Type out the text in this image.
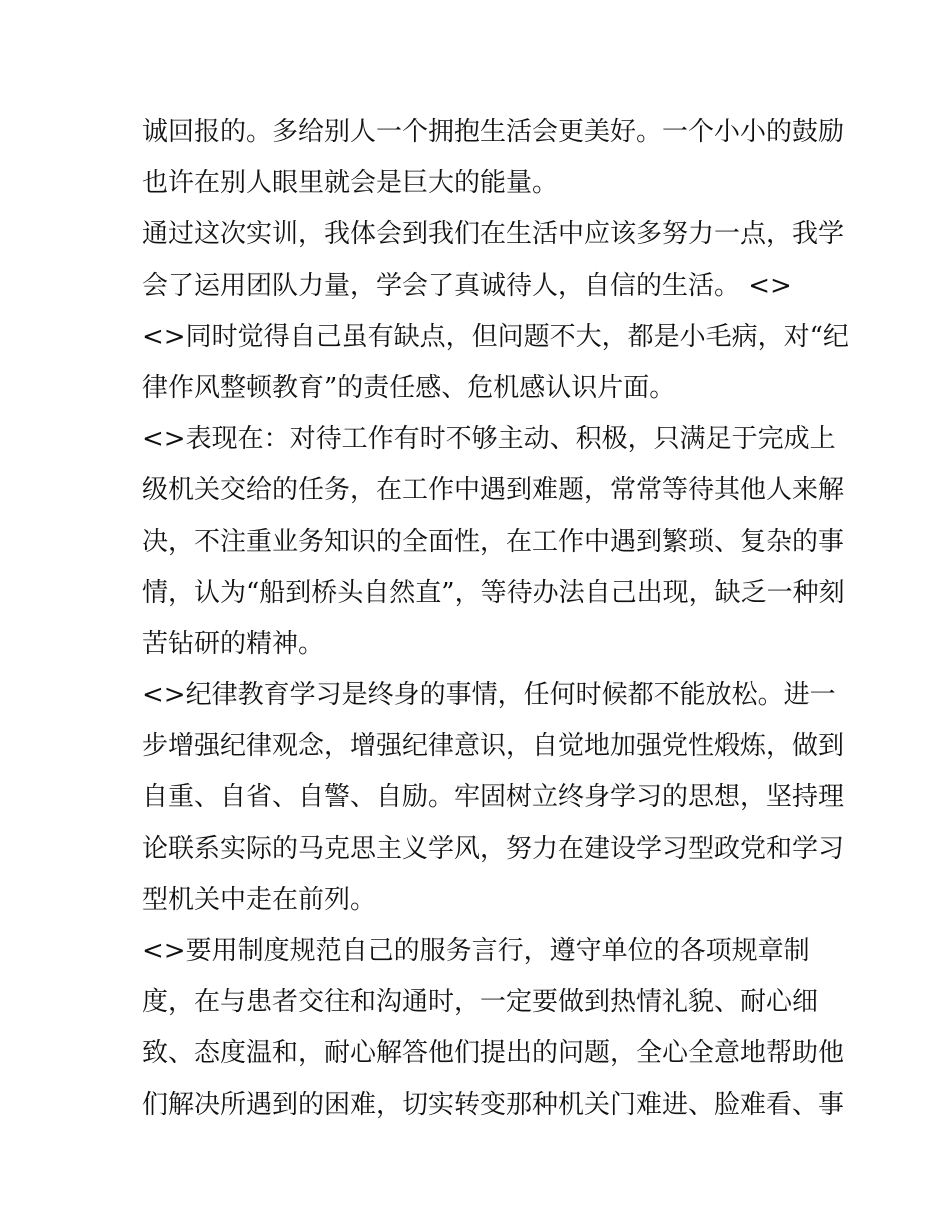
诚回报的。多给别人一个拥抱生活会更美好。一个小小的鼓励
也许在别人眼里就会是巨大的能量。
通过这次实训，我体会到我们在生活中应该多努力一点，我学
会了运用团队力量，学会了真诚待人，自信的生活。 <>
<>同时觉得自己虽有缺点，但问题不大，都是小毛病，对“纪
律作风整顿教育”的责任感、危机感认识片面。
<>表现在：对待工作有时不够主动、积极，只满足于完成上
级机关交给的任务，在工作中遇到难题，常常等待其他人来解
决，不注重业务知识的全面性，在工作中遇到繁琐、复杂的事
情，认为“船到桥头自然直”，等待办法自己出现，缺乏一种刻
苦钻研的精神。
<>纪律教育学习是终身的事情，任何时候都不能放松。进一
步增强纪律观念，增强纪律意识，自觉地加强党性煅炼，做到
自重、自省、自警、自励。牢固树立终身学习的思想，坚持理
论联系实际的马克思主义学风，努力在建设学习型政党和学习
型机关中走在前列。
<>要用制度规范自己的服务言行，遵守单位的各项规章制
度，在与患者交往和沟通时，一定要做到热情礼貌、耐心细
致、态度温和，耐心解答他们提出的问题，全心全意地帮助他
们解决所遇到的困难，切实转变那种机关门难进、脸难看、事
